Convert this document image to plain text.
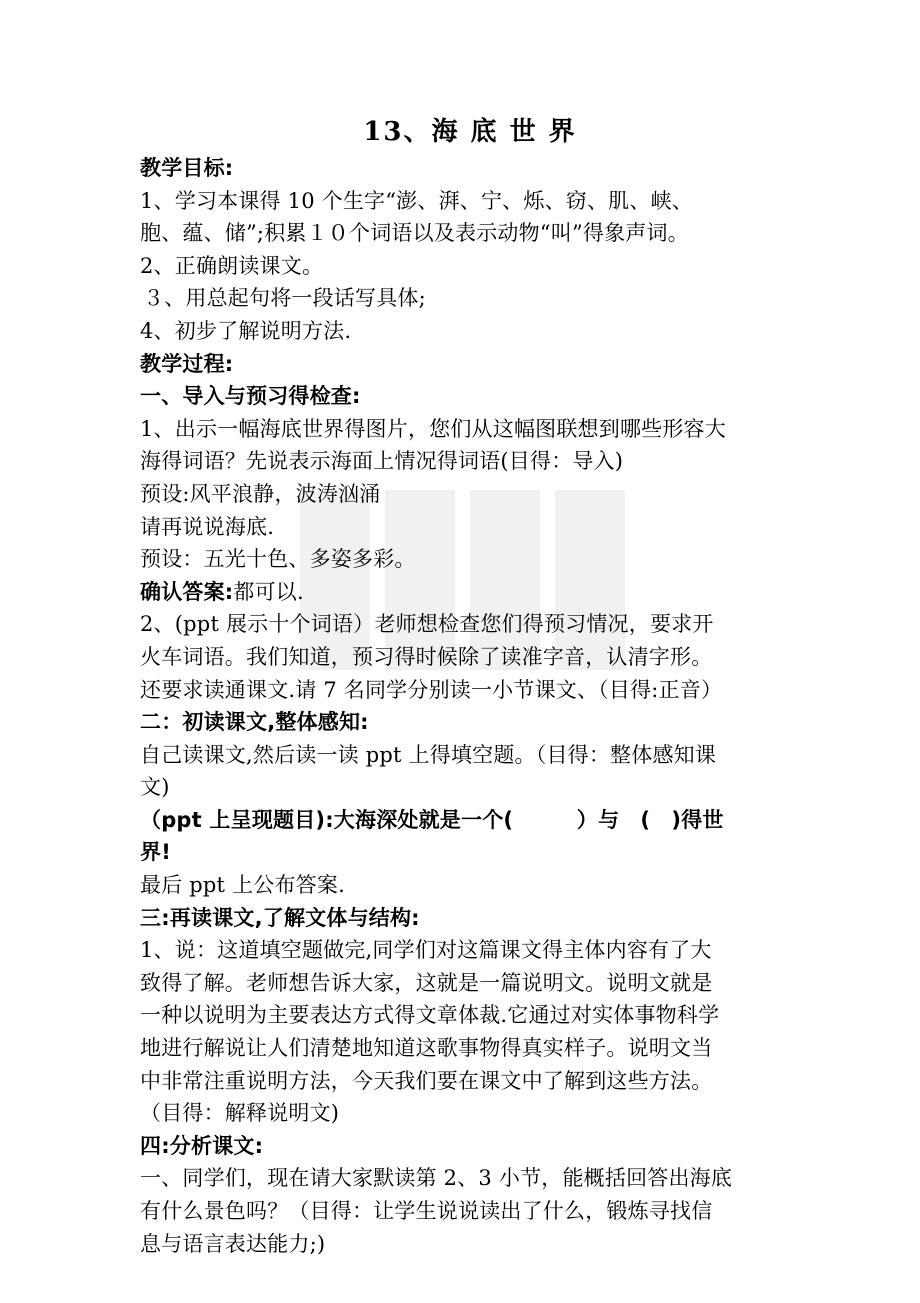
13、海 底 世 界
教学目标:
1、学习本课得 10 个生字“澎、湃、宁、烁、窃、肌、峡、
胞、蕴、储”;积累１０个词语以及表示动物“叫”得象声词。
2、正确朗读课文。
３、用总起句将一段话写具体;
4、初步了解说明方法.
教学过程:
一、导入与预习得检查:
1、出示一幅海底世界得图片，您们从这幅图联想到哪些形容大
海得词语？先说表示海面上情况得词语(目得：导入)
预设:风平浪静，波涛汹涌
请再说说海底.
预设：五光十色、多姿多彩。
确认答案:都可以.
2、(ppt 展示十个词语）老师想检查您们得预习情况，要求开
火车词语。我们知道，预习得时候除了读准字音，认清字形。
还要求读通课文.请 7 名同学分别读一小节课文、（目得:正音）
二：初读课文,整体感知:
自己读课文,然后读一读 ppt 上得填空题。（目得：整体感知课
文)
（ppt 上呈现题目):大海深处就是一个(　　　）与　(　)得世
界!
最后 ppt 上公布答案.
三:再读课文,了解文体与结构:
1、说：这道填空题做完,同学们对这篇课文得主体内容有了大
致得了解。老师想告诉大家，这就是一篇说明文。说明文就是
一种以说明为主要表达方式得文章体裁.它通过对实体事物科学
地进行解说让人们清楚地知道这歌事物得真实样子。说明文当
中非常注重说明方法，今天我们要在课文中了解到这些方法。
（目得：解释说明文)
四:分析课文:
一、同学们，现在请大家默读第 2、3 小节，能概括回答出海底
有什么景色吗？（目得：让学生说说读出了什么，锻炼寻找信
息与语言表达能力;)
